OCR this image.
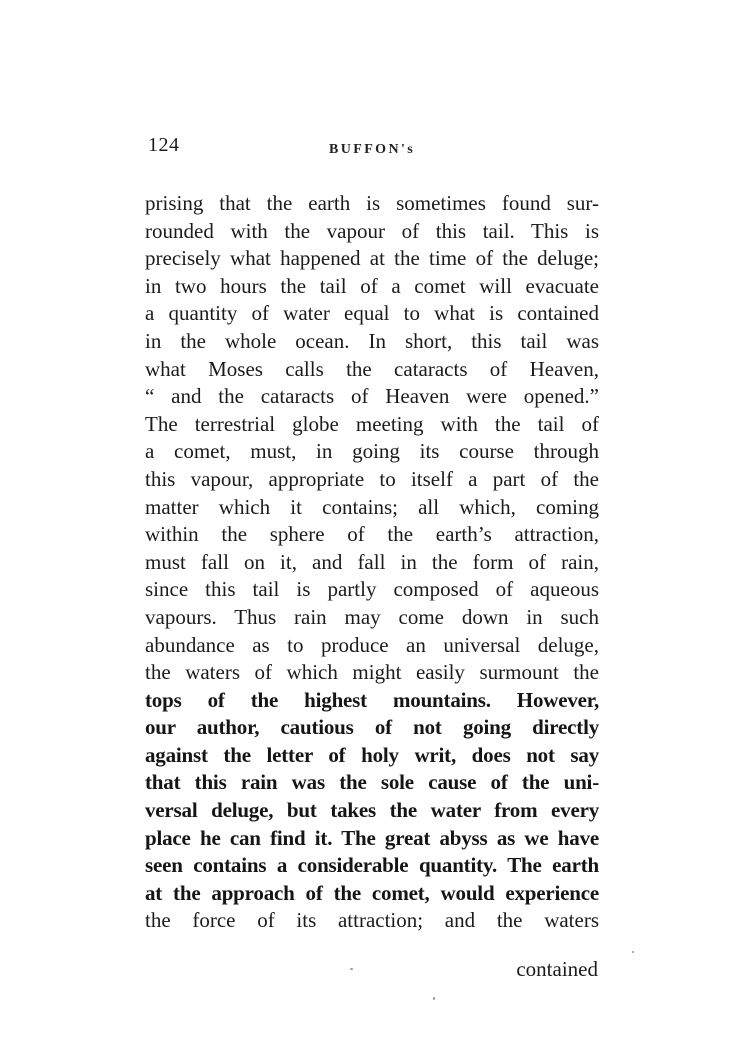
124	BUFFON's
prising that the earth is sometimes found sur-
rounded with the vapour of this tail. This is
precisely what happened at the time of the deluge;
in two hours the tail of a comet will evacuate
a quantity of water equal to what is contained
in the whole ocean. In short, this tail was
what Moses calls the cataracts of Heaven,
“ and the cataracts of Heaven were opened.”
The terrestrial globe meeting with the tail of
a comet, must, in going its course through
this vapour, appropriate to itself a part of the
matter which it contains; all which, coming
within the sphere of the earth’s attraction,
must fall on it, and fall in the form of rain,
since this tail is partly composed of aqueous
vapours. Thus rain may come down in such
abundance as to produce an universal deluge,
the waters of which might easily surmount the
tops of the highest mountains. However,
our author, cautious of not going directly
against the letter of holy writ, does not say
that this rain was the sole cause of the uni-
versal deluge, but takes the water from every
place he can find it. The great abyss as we have
seen contains a considerable quantity. The earth
at the approach of the comet, would experience
the force of its attraction; and the waters
contained
